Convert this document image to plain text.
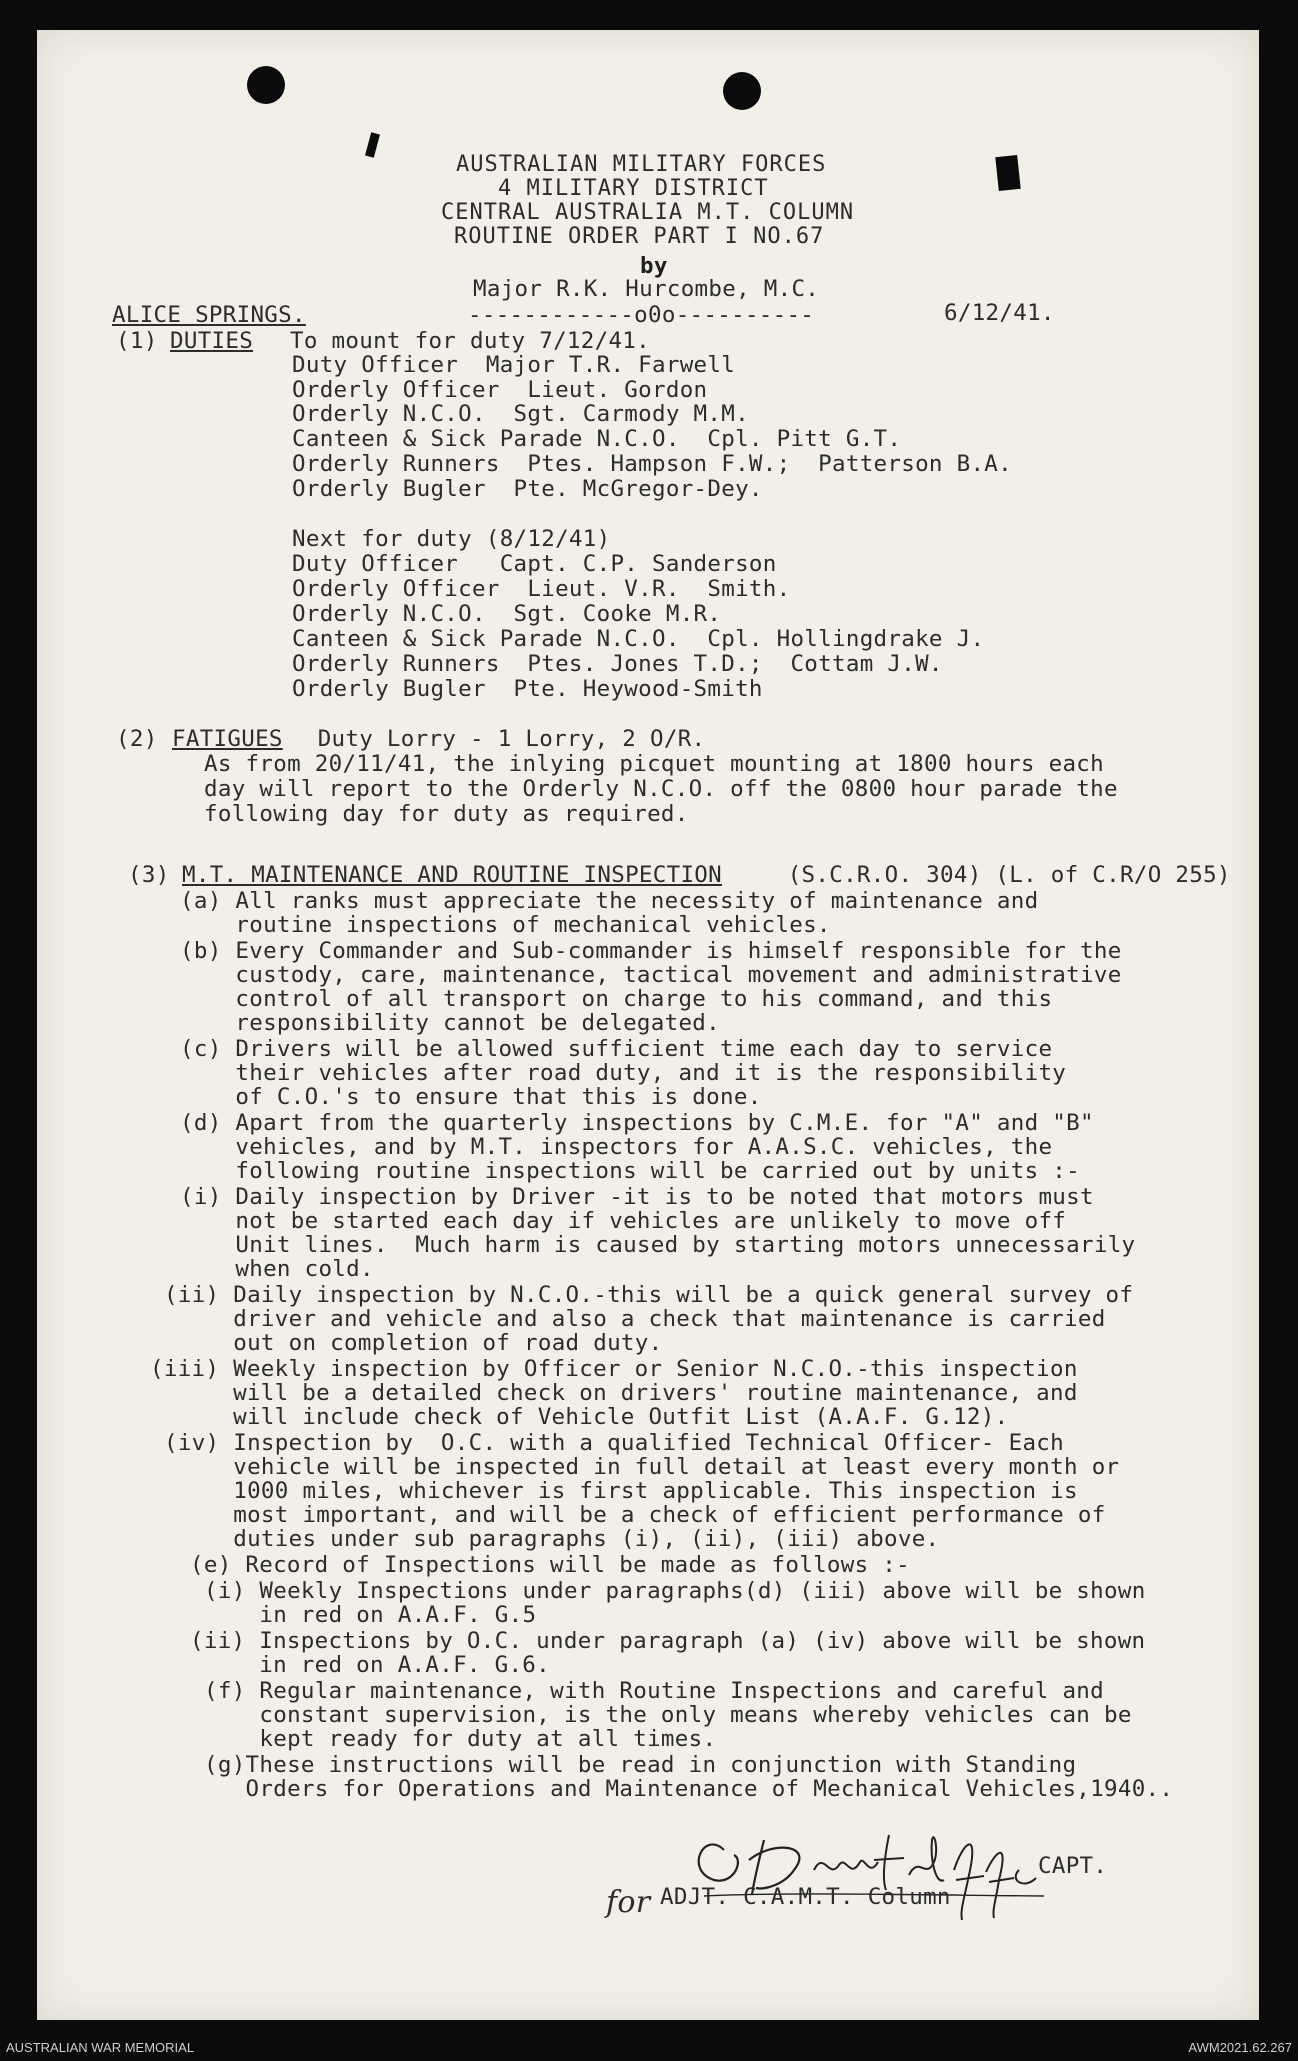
AUSTRALIAN MILITARY FORCES
4 MILITARY DISTRICT
CENTRAL AUSTRALIA M.T. COLUMN
ROUTINE ORDER PART I NO.67
by
Major R.K. Hurcombe, M.C.
------------o0o----------
ALICE SPRINGS.	6/12/41.
(1) DUTIES To mount for duty 7/12/41.
Duty Officer  Major T.R. Farwell
Orderly Officer  Lieut. Gordon
Orderly N.C.O.  Sgt. Carmody M.M.
Canteen & Sick Parade N.C.O.  Cpl. Pitt G.T.
Orderly Runners  Ptes. Hampson F.W.;  Patterson B.A.
Orderly Bugler  Pte. McGregor-Dey.
Next for duty (8/12/41)
Duty Officer   Capt. C.P. Sanderson
Orderly Officer  Lieut. V.R.  Smith.
Orderly N.C.O.  Sgt. Cooke M.R.
Canteen & Sick Parade N.C.O.  Cpl. Hollingdrake J.
Orderly Runners  Ptes. Jones T.D.;  Cottam J.W.
Orderly Bugler  Pte. Heywood-Smith
(2) FATIGUES Duty Lorry - 1 Lorry, 2 O/R.
As from 20/11/41, the inlying picquet mounting at 1800 hours each
day will report to the Orderly N.C.O. off the 0800 hour parade the
following day for duty as required.
(3) M.T. MAINTENANCE AND ROUTINE INSPECTION (S.C.R.O. 304) (L. of C.R/O 255)
(a) All ranks must appreciate the necessity of maintenance and
routine inspections of mechanical vehicles.
(b) Every Commander and Sub-commander is himself responsible for the
custody, care, maintenance, tactical movement and administrative
control of all transport on charge to his command, and this
responsibility cannot be delegated.
(c) Drivers will be allowed sufficient time each day to service
their vehicles after road duty, and it is the responsibility
of C.O.'s to ensure that this is done.
(d) Apart from the quarterly inspections by C.M.E. for "A" and "B"
vehicles, and by M.T. inspectors for A.A.S.C. vehicles, the
following routine inspections will be carried out by units :-
(i) Daily inspection by Driver -it is to be noted that motors must
not be started each day if vehicles are unlikely to move off
Unit lines.  Much harm is caused by starting motors unnecessarily
when cold.
(ii) Daily inspection by N.C.O.-this will be a quick general survey of
driver and vehicle and also a check that maintenance is carried
out on completion of road duty.
(iii) Weekly inspection by Officer or Senior N.C.O.-this inspection
will be a detailed check on drivers' routine maintenance, and
will include check of Vehicle Outfit List (A.A.F. G.12).
(iv) Inspection by  O.C. with a qualified Technical Officer- Each
vehicle will be inspected in full detail at least every month or
1000 miles, whichever is first applicable. This inspection is
most important, and will be a check of efficient performance of
duties under sub paragraphs (i), (ii), (iii) above.
(e) Record of Inspections will be made as follows :-
(i) Weekly Inspections under paragraphs(d) (iii) above will be shown
in red on A.A.F. G.5
(ii) Inspections by O.C. under paragraph (a) (iv) above will be shown
in red on A.A.F. G.6.
(f) Regular maintenance, with Routine Inspections and careful and
constant supervision, is the only means whereby vehicles can be
kept ready for duty at all times.
(g)These instructions will be read in conjunction with Standing
Orders for Operations and Maintenance of Mechanical Vehicles,1940..
CAPT.
for ADJT. C.A.M.T. Column
AUSTRALIAN WAR MEMORIAL	AWM2021.62.267
